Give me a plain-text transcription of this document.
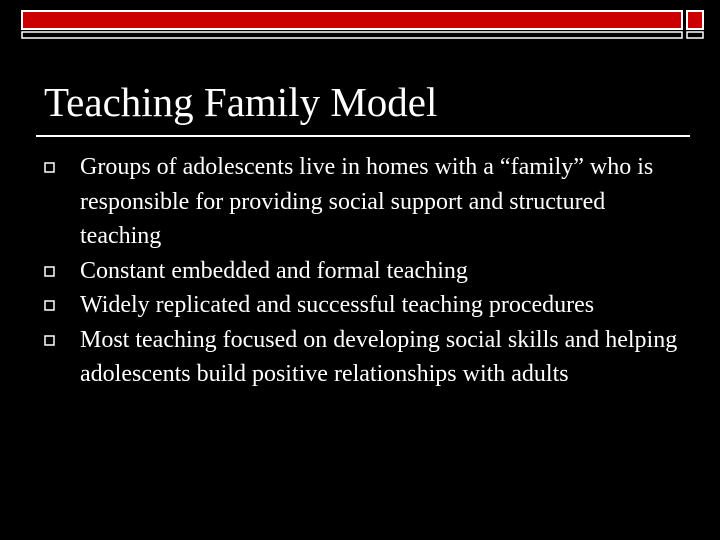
Teaching Family Model
Groups of adolescents live in homes with a “family” who is responsible for providing social support and structured teaching
Constant embedded and formal teaching
Widely replicated and successful teaching procedures
Most teaching focused on developing social skills and helping adolescents build positive relationships with adults
